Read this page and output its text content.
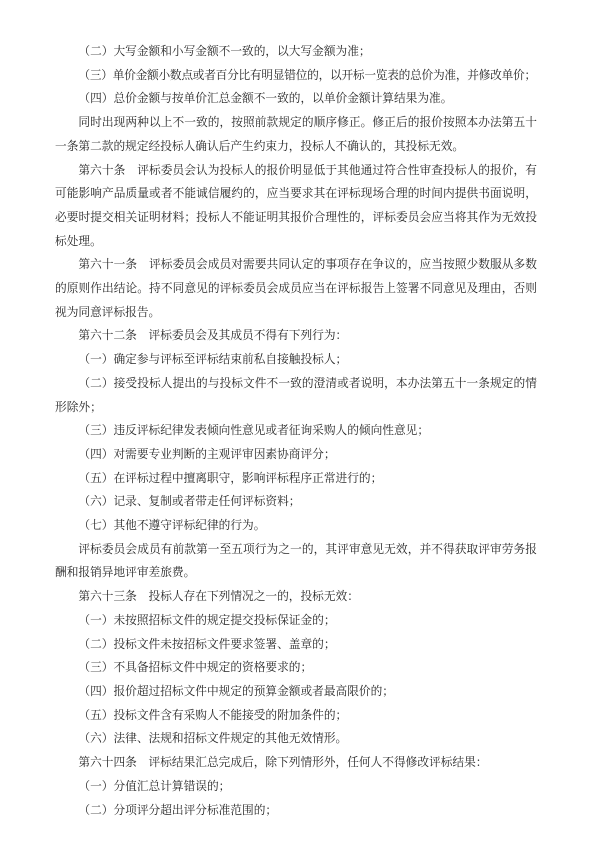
（二）大写金额和小写金额不一致的，以大写金额为准；
（三）单价金额小数点或者百分比有明显错位的，以开标一览表的总价为准，并修改单价；
（四）总价金额与按单价汇总金额不一致的，以单价金额计算结果为准。
同时出现两种以上不一致的，按照前款规定的顺序修正。修正后的报价按照本办法第五十
一条第二款的规定经投标人确认后产生约束力，投标人不确认的，其投标无效。
第六十条　评标委员会认为投标人的报价明显低于其他通过符合性审查投标人的报价，有
可能影响产品质量或者不能诚信履约的，应当要求其在评标现场合理的时间内提供书面说明，
必要时提交相关证明材料；投标人不能证明其报价合理性的，评标委员会应当将其作为无效投
标处理。
第六十一条　评标委员会成员对需要共同认定的事项存在争议的，应当按照少数服从多数
的原则作出结论。持不同意见的评标委员会成员应当在评标报告上签署不同意见及理由，否则
视为同意评标报告。
第六十二条　评标委员会及其成员不得有下列行为：
（一）确定参与评标至评标结束前私自接触投标人；
（二）接受投标人提出的与投标文件不一致的澄清或者说明，本办法第五十一条规定的情
形除外；
（三）违反评标纪律发表倾向性意见或者征询采购人的倾向性意见；
（四）对需要专业判断的主观评审因素协商评分；
（五）在评标过程中擅离职守，影响评标程序正常进行的；
（六）记录、复制或者带走任何评标资料；
（七）其他不遵守评标纪律的行为。
评标委员会成员有前款第一至五项行为之一的，其评审意见无效，并不得获取评审劳务报
酬和报销异地评审差旅费。
第六十三条　投标人存在下列情况之一的，投标无效：
（一）未按照招标文件的规定提交投标保证金的；
（二）投标文件未按招标文件要求签署、盖章的；
（三）不具备招标文件中规定的资格要求的；
（四）报价超过招标文件中规定的预算金额或者最高限价的；
（五）投标文件含有采购人不能接受的附加条件的；
（六）法律、法规和招标文件规定的其他无效情形。
第六十四条　评标结果汇总完成后，除下列情形外，任何人不得修改评标结果：
（一）分值汇总计算错误的；
（二）分项评分超出评分标准范围的；
